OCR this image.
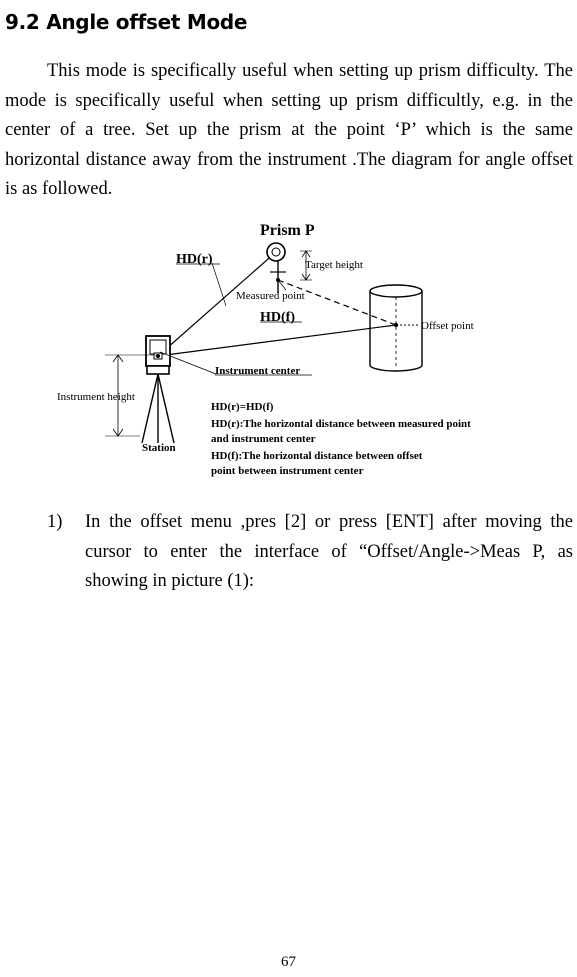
9.2 Angle offset Mode

This mode is specifically useful when setting up prism difficulty. The mode is specifically useful when setting up prism difficultly, e.g. in the center of a tree. Set up the prism at the point ‘P’ which is the same horizontal distance away from the instrument .The diagram for angle offset is as followed.

Prism P
HD(r)	Target height
Measured point
HD(f)
Offset point
Instrument center
Instrument height
Station
HD(r)=HD(f)
HD(r):The horizontal distance between measured point
and instrument center
HD(f):The horizontal distance between offset
point between instrument center
1) In the offset menu ,pres [2] or press [ENT] after moving the cursor to enter the interface of “Offset/Angle->Meas P, as showing in picture (1):
67
